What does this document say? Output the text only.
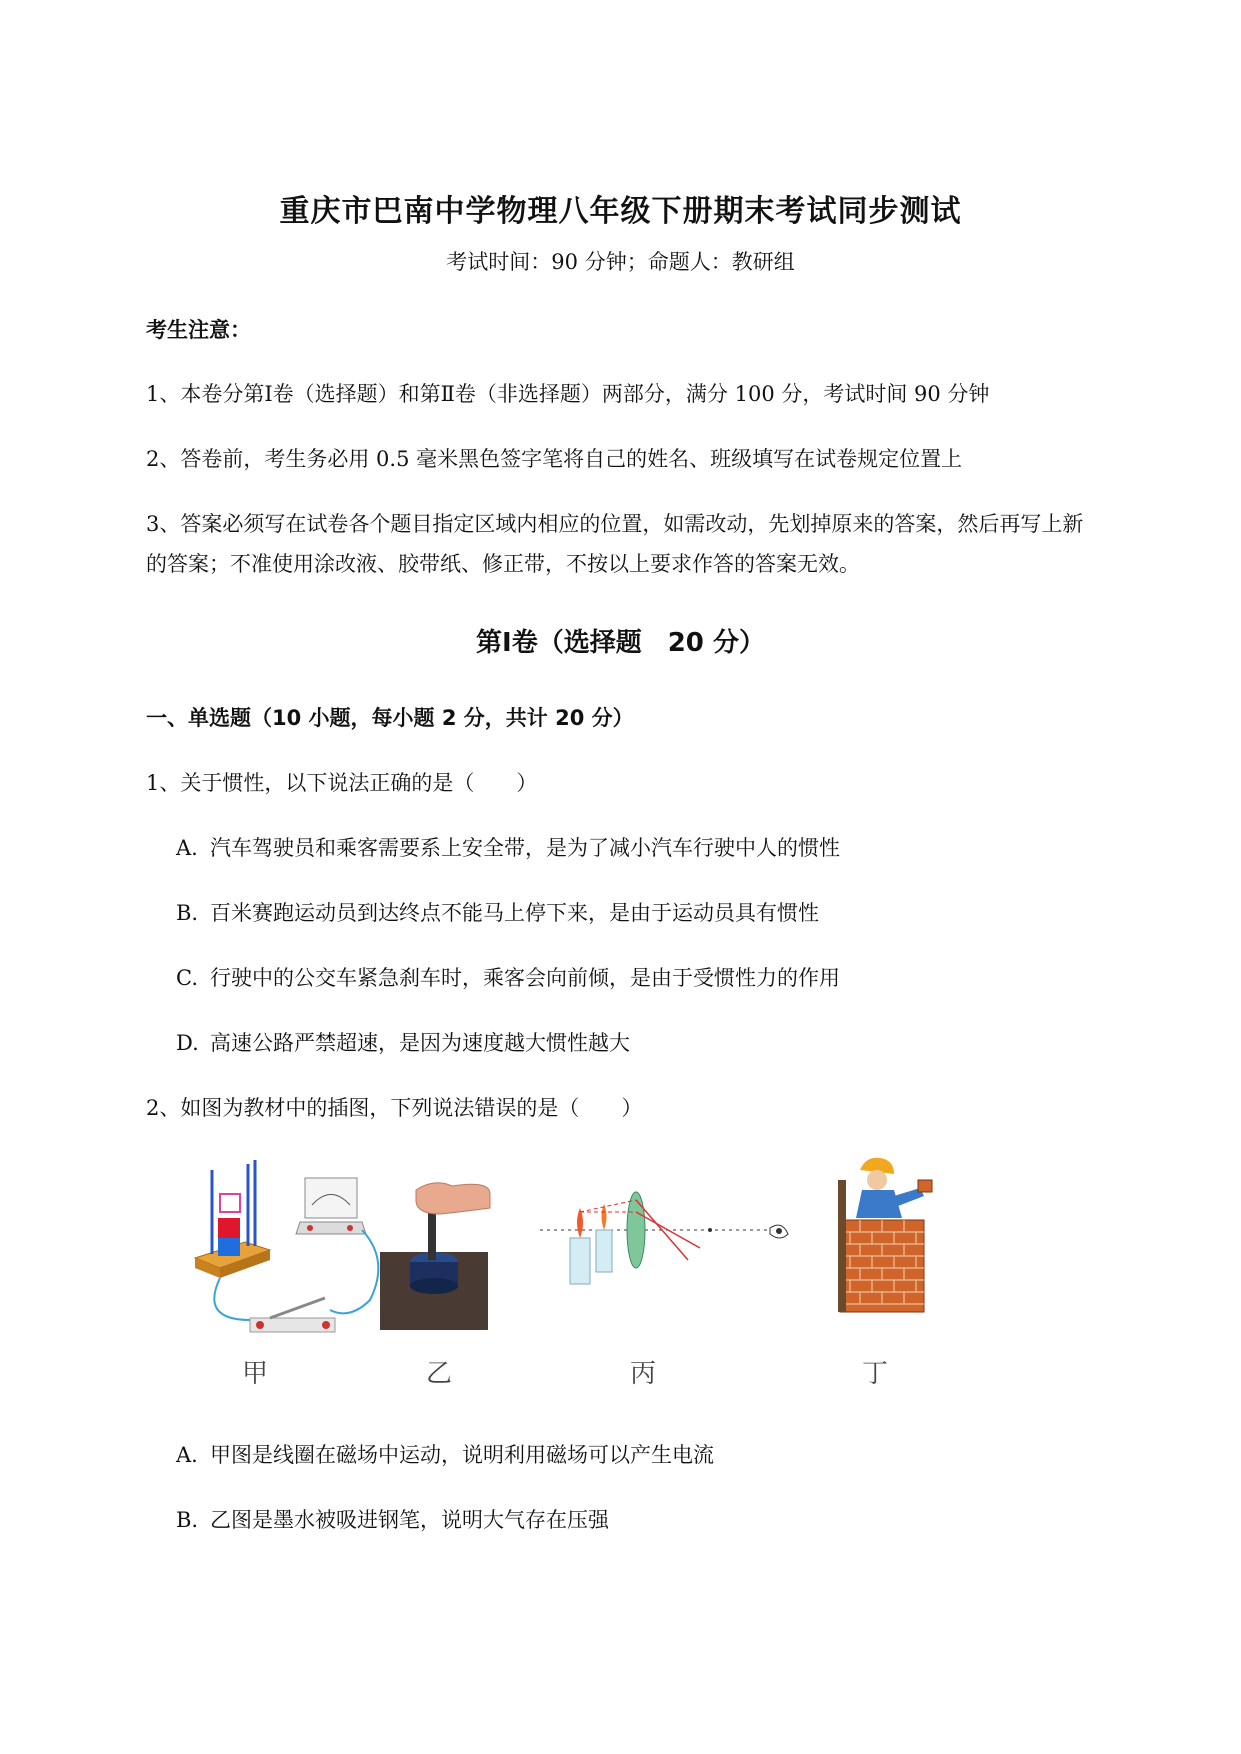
重庆市巴南中学物理八年级下册期末考试同步测试
考试时间：90 分钟；命题人：教研组
考生注意：
1、本卷分第Ⅰ卷（选择题）和第Ⅱ卷（非选择题）两部分，满分 100 分，考试时间 90 分钟
2、答卷前，考生务必用 0.5 毫米黑色签字笔将自己的姓名、班级填写在试卷规定位置上
3、答案必须写在试卷各个题目指定区域内相应的位置，如需改动，先划掉原来的答案，然后再写上新
的答案；不准使用涂改液、胶带纸、修正带，不按以上要求作答的答案无效。
第Ⅰ卷（选择题　20 分）
一、单选题（10 小题，每小题 2 分，共计 20 分）
1、关于惯性，以下说法正确的是（　　）
A. 汽车驾驶员和乘客需要系上安全带，是为了减小汽车行驶中人的惯性
B. 百米赛跑运动员到达终点不能马上停下来，是由于运动员具有惯性
C. 行驶中的公交车紧急刹车时，乘客会向前倾，是由于受惯性力的作用
D. 高速公路严禁超速，是因为速度越大惯性越大
2、如图为教材中的插图，下列说法错误的是（　　）
甲	乙	丙	丁
A. 甲图是线圈在磁场中运动，说明利用磁场可以产生电流
B. 乙图是墨水被吸进钢笔，说明大气存在压强
